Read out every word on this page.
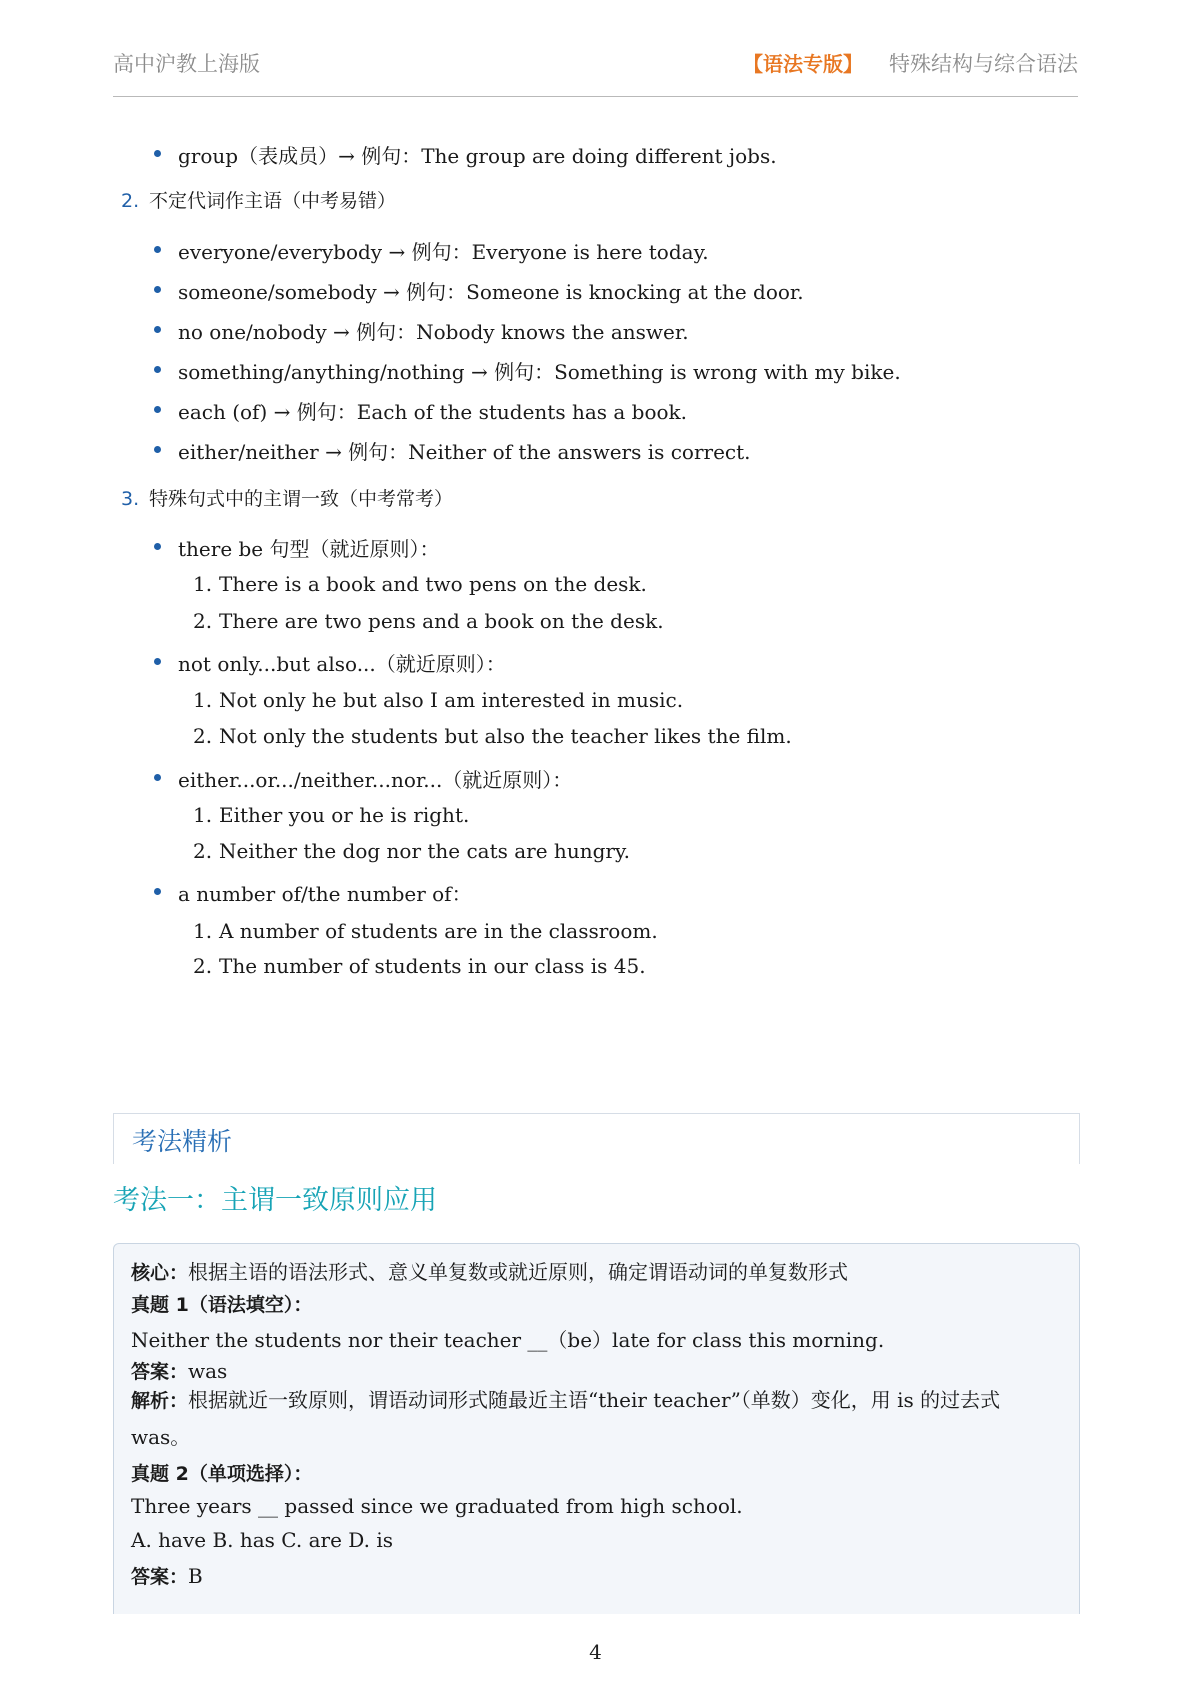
高中沪教上海版	【语法专版】 特殊结构与综合语法
group（表成员）→ 例句：The group are doing different jobs.
2. 不定代词作主语（中考易错）
everyone/everybody → 例句：Everyone is here today.
someone/somebody → 例句：Someone is knocking at the door.
no one/nobody → 例句：Nobody knows the answer.
something/anything/nothing → 例句：Something is wrong with my bike.
each (of) → 例句：Each of the students has a book.
either/neither → 例句：Neither of the answers is correct.
3. 特殊句式中的主谓一致（中考常考）
there be 句型（就近原则）：
1. There is a book and two pens on the desk.
2. There are two pens and a book on the desk.
not only...but also...（就近原则）：
1. Not only he but also I am interested in music.
2. Not only the students but also the teacher likes the film.
either...or.../neither...nor...（就近原则）：
1. Either you or he is right.
2. Neither the dog nor the cats are hungry.
a number of/the number of：
1. A number of students are in the classroom.
2. The number of students in our class is 45.
考法精析
考法一：主谓一致原则应用
核心：根据主语的语法形式、意义单复数或就近原则，确定谓语动词的单复数形式
真题 1（语法填空）：
Neither the students nor their teacher __（be）late for class this morning.
答案：was
解析：根据就近一致原则，谓语动词形式随最近主语“their teacher”（单数）变化，用 is 的过去式 was。
真题 2（单项选择）：
Three years __ passed since we graduated from high school.
A. have B. has C. are D. is
答案：B
4
